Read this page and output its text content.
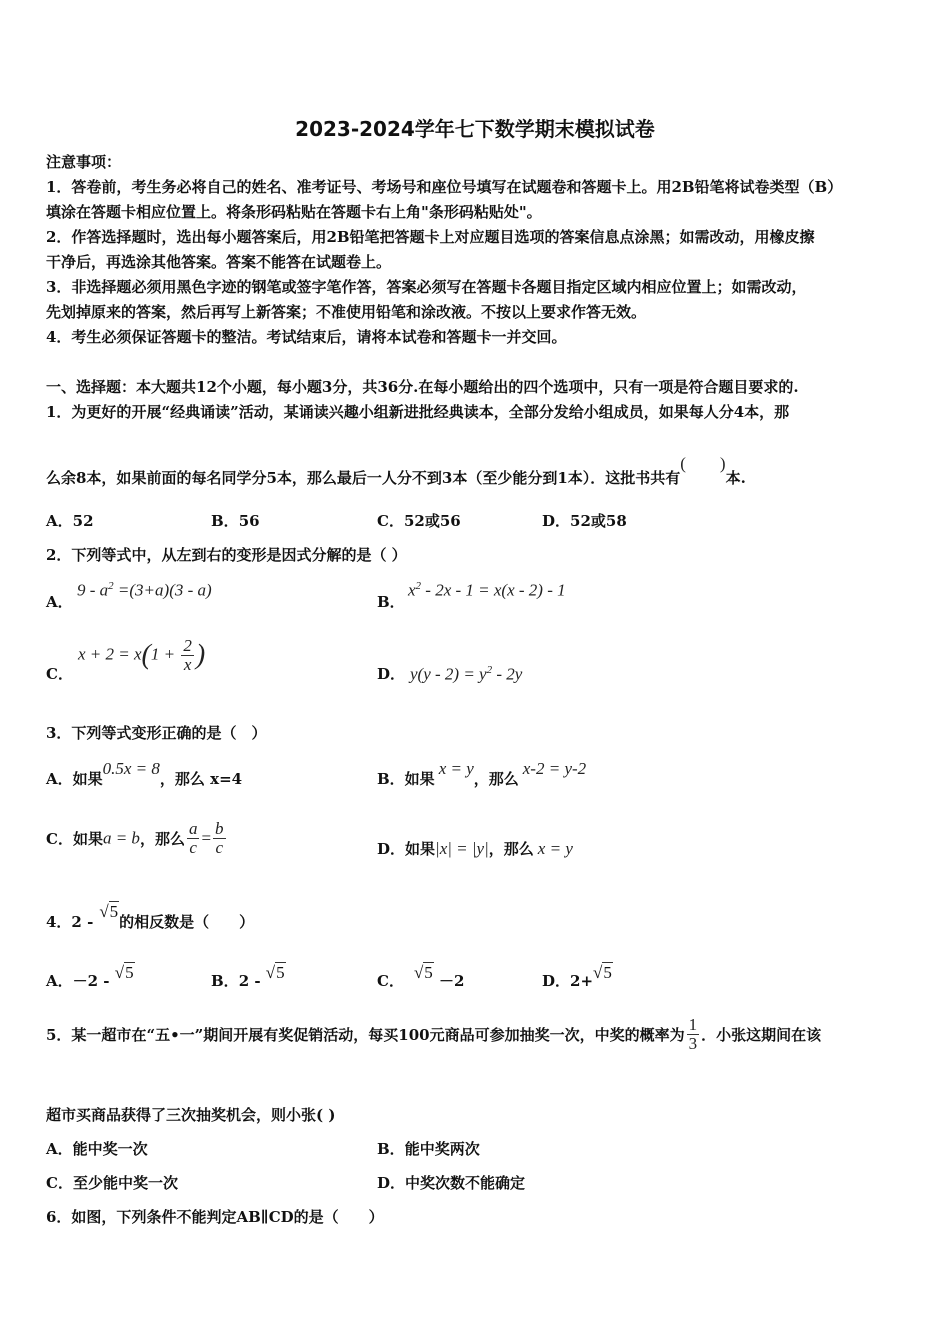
2023-2024学年七下数学期末模拟试卷
注意事项：
1．答卷前，考生务必将自己的姓名、准考证号、考场号和座位号填写在试题卷和答题卡上。用2B铅笔将试卷类型（B）
填涂在答题卡相应位置上。将条形码粘贴在答题卡右上角"条形码粘贴处"。
2．作答选择题时，选出每小题答案后，用2B铅笔把答题卡上对应题目选项的答案信息点涂黑；如需改动，用橡皮擦
干净后，再选涂其他答案。答案不能答在试题卷上。
3．非选择题必须用黑色字迹的钢笔或签字笔作答，答案必须写在答题卡各题目指定区域内相应位置上；如需改动，
先划掉原来的答案，然后再写上新答案；不准使用铅笔和涂改液。不按以上要求作答无效。
4．考生必须保证答题卡的整洁。考试结束后，请将本试卷和答题卡一并交回。
一、选择题：本大题共12个小题，每小题3分，共36分.在每小题给出的四个选项中，只有一项是符合题目要求的.
1．为更好的开展“经典诵读”活动，某诵读兴趣小组新进批经典读本，全部分发给小组成员，如果每人分4本，那
么余8本，如果前面的每名同学分5本，那么最后一人分不到3本（至少能分到1本）．这批书共有(　　)本.
A．52	B．56	C．52或56	D．52或58
2．下列等式中，从左到右的变形是因式分解的是（ ）
A．
$9 - a^2 =(3+a)(3 - a)$
B．
$x^2 - 2x - 1 = x(x - 2) - 1$
C．
$x + 2 = x(1 + \frac{2}{x}$ )
D． $y(y - 2) = y^2 - 2y$
3．下列等式变形正确的是（　）
A．如果0.5x = 8，那么 x=4	B．如果x = y，那么x-2 = y-2
C．如果a = b，那么 $\frac{a}{c} = \frac{b}{c}$	D．如果|x| = |y|，那么 x = y
4．2 -√5的相反数是（　　）
A．－2 - √5	B．2 - √5	C． √5 －2	D．2+√5
5．某一超市在“五•一”期间开展有奖促销活动，每买100元商品可参加抽奖一次，中奖的概率为 $\frac{1}{3}$ ．小张这期间在该
超市买商品获得了三次抽奖机会，则小张( )
A．能中奖一次	B．能中奖两次
C．至少能中奖一次	D．中奖次数不能确定
6．如图，下列条件不能判定AB∥CD的是（　　）
